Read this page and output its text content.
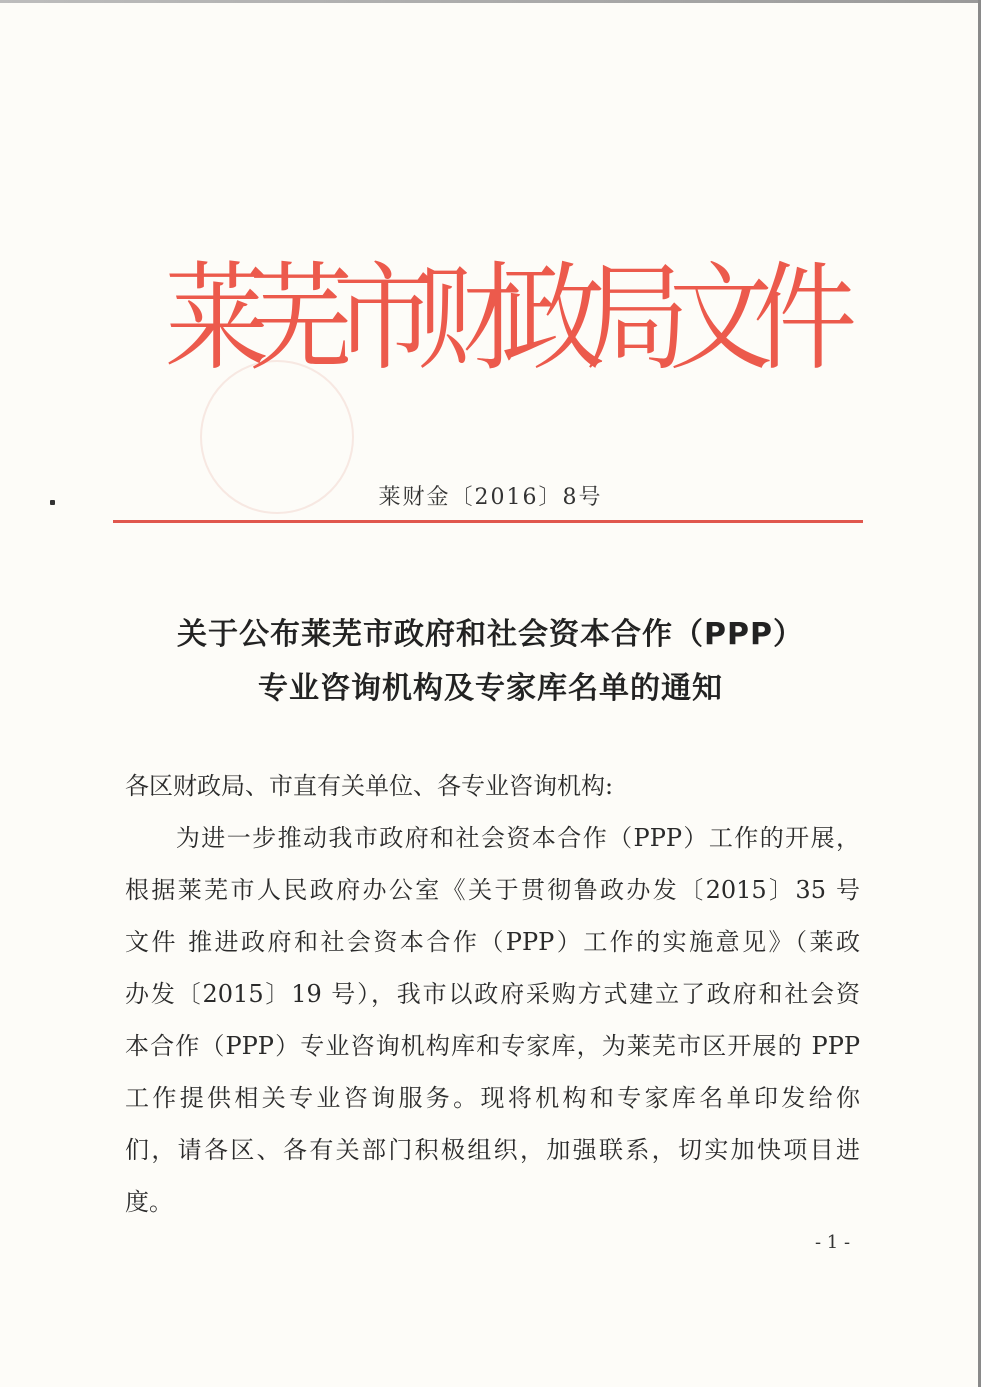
莱
芜
市
财
政
局
文
件
莱财金〔2016〕8号
关于公布莱芜市政府和社会资本合作（PPP）
专业咨询机构及专家库名单的通知
各区财政局、市直有关单位、各专业咨询机构:
　　为进一步推动我市政府和社会资本合作（PPP）工作的开展，
根据莱芜市人民政府办公室《关于贯彻鲁政办发〔2015〕35 号
文件 推进政府和社会资本合作（PPP）工作的实施意见》（莱政
办发〔2015〕19 号），我市以政府采购方式建立了政府和社会资
本合作（PPP）专业咨询机构库和专家库，为莱芜市区开展的 PPP
工作提供相关专业咨询服务。现将机构和专家库名单印发给你
们，请各区、各有关部门积极组织，加强联系，切实加快项目进
度。
- 1 -
